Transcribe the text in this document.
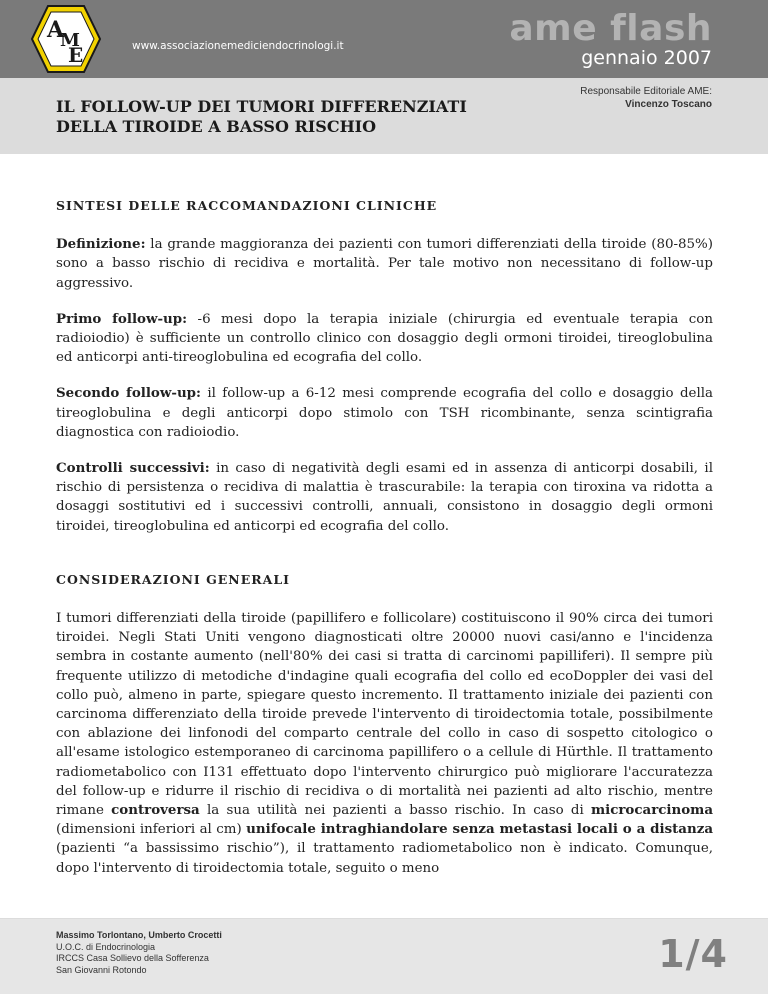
A
M
E	www.associazionemediciendocrinologi.it	ame flash
gennaio 2007
IL FOLLOW-UP DEI TUMORI DIFFERENZIATI
DELLA TIROIDE A BASSO RISCHIO
Responsabile Editoriale AME:
Vincenzo Toscano
SINTESI DELLE RACCOMANDAZIONI CLINICHE

Definizione: la grande maggioranza dei pazienti con tumori differenziati della tiroide (80-85%) sono a basso rischio di recidiva e mortalità. Per tale motivo non necessitano di follow-up aggressivo.

Primo follow-up: -6 mesi dopo la terapia iniziale (chirurgia ed eventuale terapia con radioiodio) è sufficiente un controllo clinico con dosaggio degli ormoni tiroidei, tireoglobulina ed anticorpi anti-tireoglobulina ed ecografia del collo.

Secondo follow-up: il follow-up a 6-12 mesi comprende ecografia del collo e dosaggio della tireoglobulina e degli anticorpi dopo stimolo con TSH ricombinante, senza scintigrafia diagnostica con radioiodio.

Controlli successivi: in caso di negatività degli esami ed in assenza di anticorpi dosabili, il rischio di persistenza o recidiva di malattia è trascurabile: la terapia con tiroxina va ridotta a dosaggi sostitutivi ed i successivi controlli, annuali, consistono in dosaggio degli ormoni tiroidei, tireoglobulina ed anticorpi ed ecografia del collo.

CONSIDERAZIONI GENERALI

I tumori differenziati della tiroide (papillifero e follicolare) costituiscono il 90% circa dei tumori tiroidei. Negli Stati Uniti vengono diagnosticati oltre 20000 nuovi casi/anno e l'incidenza sembra in costante aumento (nell'80% dei casi si tratta di carcinomi papilliferi). Il sempre più frequente utilizzo di metodiche d'indagine quali ecografia del collo ed ecoDoppler dei vasi del collo può, almeno in parte, spiegare questo incremento. Il trattamento iniziale dei pazienti con carcinoma differenziato della tiroide prevede l'intervento di tiroidectomia totale, possibilmente con ablazione dei linfonodi del comparto centrale del collo in caso di sospetto citologico o all'esame istologico estemporaneo di carcinoma papillifero o a cellule di Hürthle. Il trattamento radiometabolico con I131 effettuato dopo l'intervento chirurgico può migliorare l'accuratezza del follow-up e ridurre il rischio di recidiva o di mortalità nei pazienti ad alto rischio, mentre rimane controversa la sua utilità nei pazienti a basso rischio. In caso di microcarcinoma (dimensioni inferiori al cm) unifocale intraghiandolare senza metastasi locali o a distanza (pazienti “a bassissimo rischio”), il trattamento radiometabolico non è indicato. Comunque, dopo l'intervento di tiroidectomia totale, seguito o meno

Massimo Torlontano, Umberto Crocetti
U.O.C. di Endocrinologia
IRCCS Casa Sollievo della Sofferenza
San Giovanni Rotondo	1/4
